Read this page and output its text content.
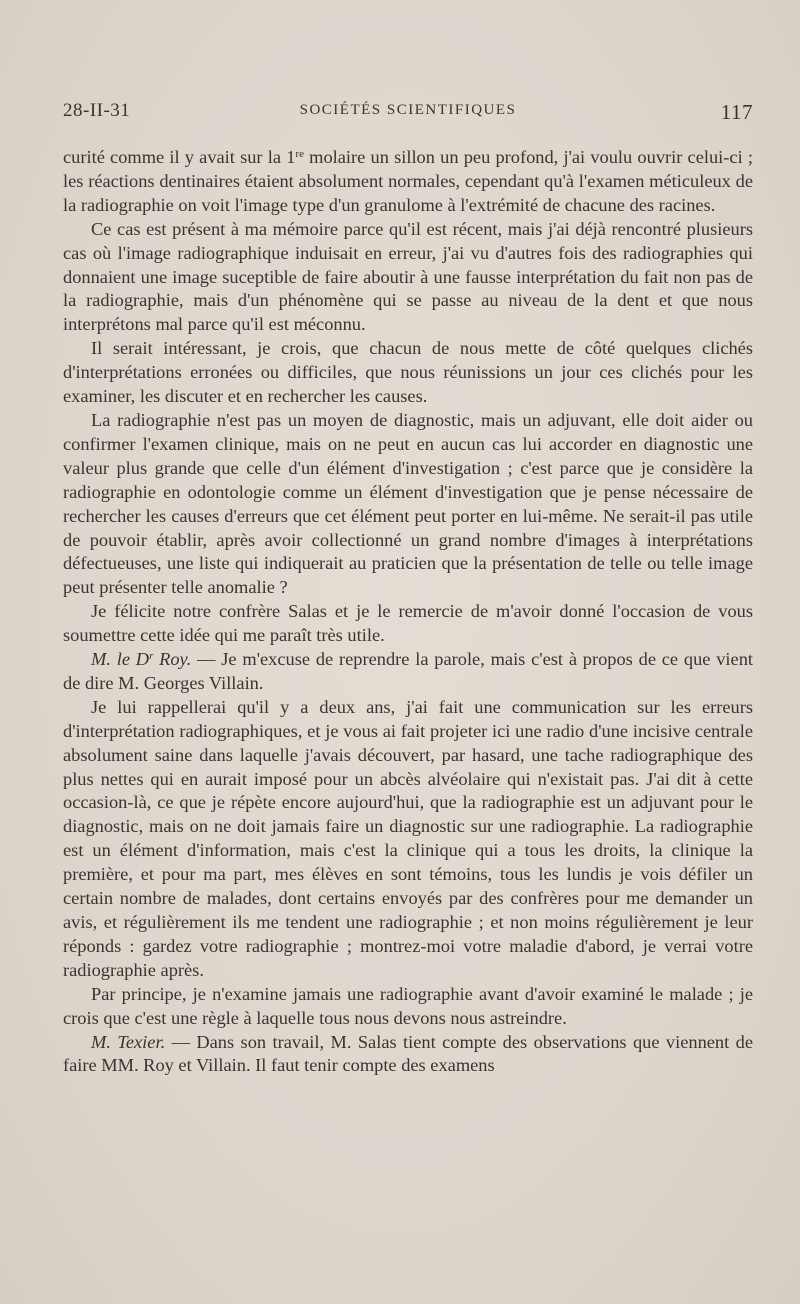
28-II-31	SOCIÉTÉS SCIENTIFIQUES	117

curité comme il y avait sur la 1re molaire un sillon un peu profond, j'ai voulu ouvrir celui-ci ; les réactions dentinaires étaient absolument normales, cependant qu'à l'examen méticuleux de la radiographie on voit l'image type d'un granulome à l'extrémité de chacune des racines.

Ce cas est présent à ma mémoire parce qu'il est récent, mais j'ai déjà rencontré plusieurs cas où l'image radiographique induisait en erreur, j'ai vu d'autres fois des radiographies qui donnaient une image suceptible de faire aboutir à une fausse interprétation du fait non pas de la radiographie, mais d'un phénomène qui se passe au niveau de la dent et que nous interprétons mal parce qu'il est méconnu.

Il serait intéressant, je crois, que chacun de nous mette de côté quelques clichés d'interprétations erronées ou difficiles, que nous réunissions un jour ces clichés pour les examiner, les discuter et en rechercher les causes.

La radiographie n'est pas un moyen de diagnostic, mais un adjuvant, elle doit aider ou confirmer l'examen clinique, mais on ne peut en aucun cas lui accorder en diagnostic une valeur plus grande que celle d'un élément d'investigation ; c'est parce que je considère la radiographie en odontologie comme un élément d'investigation que je pense nécessaire de rechercher les causes d'erreurs que cet élément peut porter en lui-même. Ne serait-il pas utile de pouvoir établir, après avoir collectionné un grand nombre d'images à interprétations défectueuses, une liste qui indiquerait au praticien que la présentation de telle ou telle image peut présenter telle anomalie ?

Je félicite notre confrère Salas et je le remercie de m'avoir donné l'occasion de vous soumettre cette idée qui me paraît très utile.

M. le $D^r$ Roy. — Je m'excuse de reprendre la parole, mais c'est à propos de ce que vient de dire M. Georges Villain.

Je lui rappellerai qu'il y a deux ans, j'ai fait une communication sur les erreurs d'interprétation radiographiques, et je vous ai fait projeter ici une radio d'une incisive centrale absolument saine dans laquelle j'avais découvert, par hasard, une tache radiographique des plus nettes qui en aurait imposé pour un abcès alvéolaire qui n'existait pas. J'ai dit à cette occasion-là, ce que je répète encore aujourd'hui, que la radiographie est un adjuvant pour le diagnostic, mais on ne doit jamais faire un diagnostic sur une radiographie. La radiographie est un élément d'information, mais c'est la clinique qui a tous les droits, la clinique la première, et pour ma part, mes élèves en sont témoins, tous les lundis je vois défiler un certain nombre de malades, dont certains envoyés par des confrères pour me demander un avis, et régulièrement ils me tendent une radiographie ; et non moins régulièrement je leur réponds : gardez votre radiographie ; montrez-moi votre maladie d'abord, je verrai votre radiographie après.

Par principe, je n'examine jamais une radiographie avant d'avoir examiné le malade ; je crois que c'est une règle à laquelle tous nous devons nous astreindre.

M. Texier. — Dans son travail, M. Salas tient compte des observations que viennent de faire MM. Roy et Villain. Il faut tenir compte des examens
